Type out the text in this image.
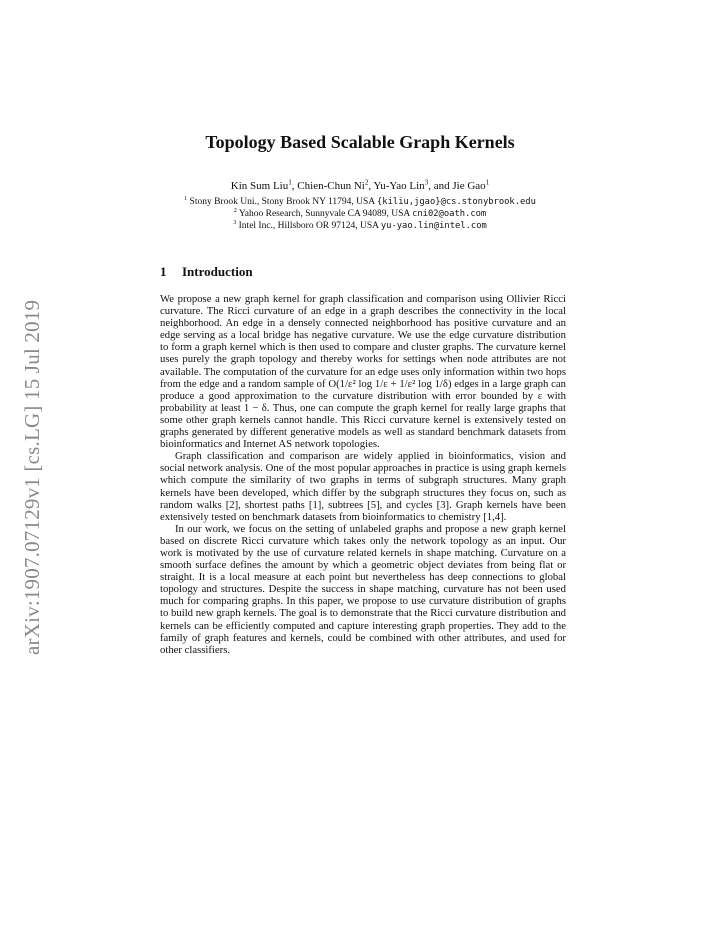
arXiv:1907.07129v1 [cs.LG] 15 Jul 2019
Topology Based Scalable Graph Kernels
Kin Sum Liu$^1$, Chien-Chun Ni$^2$, Yu-Yao Lin$^3$, and Jie Gao$^1$
$^1$ Stony Brook Uni., Stony Brook NY 11794, USA {kiliu,jgao}@cs.stonybrook.edu
$^2$ Yahoo Research, Sunnyvale CA 94089, USA cni02@oath.com
$^3$ Intel Inc., Hillsboro OR 97124, USA yu-yao.lin@intel.com
1 Introduction

We propose a new graph kernel for graph classification and comparison using Ollivier Ricci curvature. The Ricci curvature of an edge in a graph describes the connectivity in the local neighborhood. An edge in a densely connected neighborhood has positive curvature and an edge serving as a local bridge has negative curvature. We use the edge curvature distribution to form a graph kernel which is then used to compare and cluster graphs. The curvature kernel uses purely the graph topology and thereby works for settings when node attributes are not available. The computation of the curvature for an edge uses only information within two hops from the edge and a random sample of O(1/ε² log 1/ε + 1/ε² log 1/δ) edges in a large graph can produce a good approximation to the curvature distribution with error bounded by ε with probability at least 1 − δ. Thus, one can compute the graph kernel for really large graphs that some other graph kernels cannot handle. This Ricci curvature kernel is extensively tested on graphs generated by different generative models as well as standard benchmark datasets from bioinformatics and Internet AS network topologies.

Graph classification and comparison are widely applied in bioinformatics, vision and social network analysis. One of the most popular approaches in practice is using graph kernels which compute the similarity of two graphs in terms of subgraph structures. Many graph kernels have been developed, which differ by the subgraph structures they focus on, such as random walks [2], shortest paths [1], subtrees [5], and cycles [3]. Graph kernels have been extensively tested on benchmark datasets from bioinformatics to chemistry [1,4].

In our work, we focus on the setting of unlabeled graphs and propose a new graph kernel based on discrete Ricci curvature which takes only the network topology as an input. Our work is motivated by the use of curvature related kernels in shape matching. Curvature on a smooth surface defines the amount by which a geometric object deviates from being flat or straight. It is a local measure at each point but nevertheless has deep connections to global topology and structures. Despite the success in shape matching, curvature has not been used much for comparing graphs. In this paper, we propose to use curvature distribution of graphs to build new graph kernels. The goal is to demonstrate that the Ricci curvature distribution and kernels can be efficiently computed and capture interesting graph properties. They add to the family of graph features and kernels, could be combined with other attributes, and used for other classifiers.
